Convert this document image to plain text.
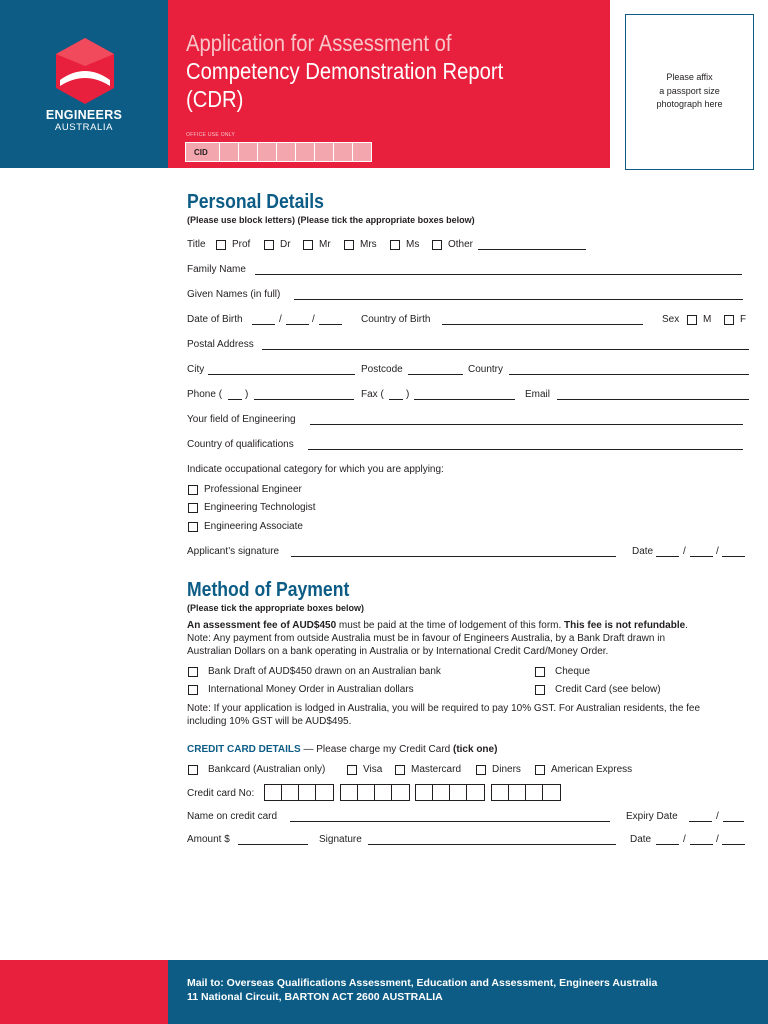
ENGINEERS
AUSTRALIA
Application for Assessment of
Competency Demonstration Report
(CDR)
OFFICE USE ONLY
CID
Please affix
a passport size
photograph here
Personal Details
(Please use block letters) (Please tick the appropriate boxes below)
Title	Prof	Dr	Mr	Mrs	Ms	Other
Family Name
Given Names (in full)
Date of Birth	/	/	Country of Birth	Sex M	F
Postal Address
City	Postcode	Country
Phone ( )	Fax ( )	Email
Your field of Engineering
Country of qualifications
Indicate occupational category for which you are applying:
Professional Engineer
Engineering Technologist
Engineering Associate
Applicant’s signature	Date	/	/
Method of Payment
(Please tick the appropriate boxes below)
An assessment fee of AUD$450 must be paid at the time of lodgement of this form. This fee is not refundable.
Note: Any payment from outside Australia must be in favour of Engineers Australia, by a Bank Draft drawn in
Australian Dollars on a bank operating in Australia or by International Credit Card/Money Order.
Bank Draft of AUD$450 drawn on an Australian bank	Cheque
International Money Order in Australian dollars	Credit Card (see below)
Note: If your application is lodged in Australia, you will be required to pay 10% GST. For Australian residents, the fee
including 10% GST will be AUD$495.
CREDIT CARD DETAILS — Please charge my Credit Card (tick one)
Bankcard (Australian only)	Visa	Mastercard	Diners	American Express
Credit card No:
Name on credit card	Expiry Date	/
Amount $	Signature	Date	/	/
Mail to: Overseas Qualifications Assessment, Education and Assessment, Engineers Australia
11 National Circuit, BARTON ACT 2600 AUSTRALIA
